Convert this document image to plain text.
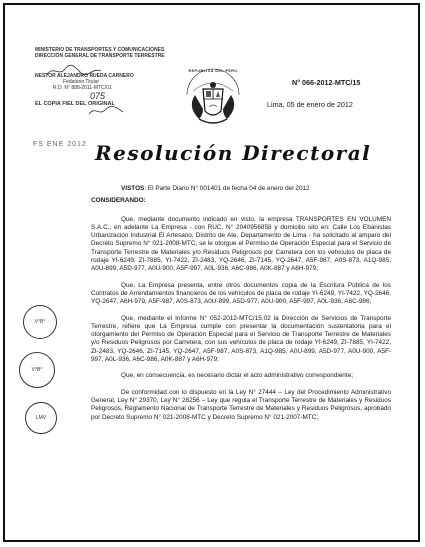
MINISTERIO DE TRANSPORTES Y COMUNICACIONES
DIRECCION GENERAL DE TRANSPORTE TERRESTRE
NESTOR ALEJANDRO RUEDA CARNERO
Fedatario Titular
R.D. N° 888-2011-MTC/01
075
EL COPIA FIEL DEL ORIGINAL
FS ENE 2012
REPUBLICA DEL PERU
N° 066-2012-MTC/15
Lima, 05 de enero de 2012
Resolución Directoral
V°B°
V°B°
LMV

VISTOS: El Parte Diario N° 001401 de fecha 04 de enero del 2012

CONSIDERANDO:

Que, mediante documento indicado en visto, la empresa TRANSPORTES EN VOLUMEN S.A.C., en adelante La Empresa - con RUC. N° 2040956858 y domicilio sito en: Calle Los Ebanistas Urbanización Industrial El Artesano, Distrito de Ate, Departamento de Lima - ha solicitado al amparo del Decreto Supremo N° 021-2008-MTC, se le otorgue el Permiso de Operación Especial para el Servicio de Transporte Terrestre de Materiales y/o Residuos Peligrosos por Carretera con los vehículos de placa de rodaje YI-6249, ZI-7885, YI-7422, ZI-2483, YQ-2646, ZI-7145, YQ-2647, A5F-987, A0S-873, A1Q-985, A0U-899, A5D-977, A0U-900, A5F-997, A0L-936, A6C-986, A0K-887 y A6H-979;

Que, La Empresa presenta, entre otros documentos copia de la Escritura Pública de los Contratos de Arrendamientos financieros de los vehículos de placa de rodaje YI-6249, YI-7422, YQ-2646, YQ-2647, A6H-979, A5F-987, A0S-873, A0U-899, A5D-977, A0U-900, A5F-997, A0L-936, A6C-986;

Que, mediante el Informe N° 052-2012-MTC/15.02 la Dirección de Servicios de Transporte Terrestre, refiere que La Empresa cumple con presentar la documentación sustentatoria para el otorgamiento del Permiso de Operación Especial para el Servicio de Transporte Terrestre de Materiales y/o Residuos Peligrosos por Carretera, con sus vehículos de placa de rodaje YI-6249, ZI-7885, YI-7422, ZI-2483, YQ-2646, ZI-7145, YQ-2647, A5F-987, A0S-873, A1Q-985, A0U-899, A5D-977, A0U-900, A5F-997, A0L-936, A6C-986, A0K-887 y A6H-979;

Que, en consecuencia, es necesario dictar el acto administrativo correspondiente;

De conformidad con lo dispuesto en la Ley N° 27444 – Ley del Procedimiento Administrativo General, Ley N° 29370, Ley N° 28256 – Ley que regula el Transporte Terrestre de Materiales y Residuos Peligrosos, Reglamento Nacional de Transporte Terrestre de Materiales y Residuos Peligrosos, aprobado por Decreto Supremo N° 021-2008-MTC y Decreto Supremo N° 021-2007-MTC;
